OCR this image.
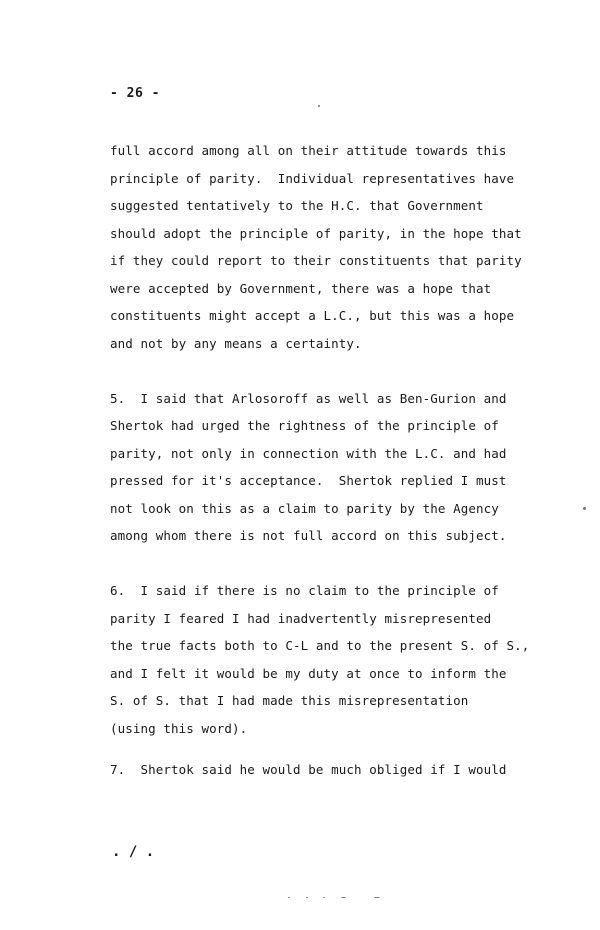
- 26 -
full accord among all on their attitude towards this
principle of parity.  Individual representatives have
suggested tentatively to the H.C. that Government
should adopt the principle of parity, in the hope that
if they could report to their constituents that parity
were accepted by Government, there was a hope that
constituents might accept a L.C., but this was a hope
and not by any means a certainty.
5.  I said that Arlosoroff as well as Ben-Gurion and
Shertok had urged the rightness of the principle of
parity, not only in connection with the L.C. and had
pressed for it's acceptance.  Shertok replied I must
not look on this as a claim to parity by the Agency
among whom there is not full accord on this subject.
6.  I said if there is no claim to the principle of
parity I feared I had inadvertently misrepresented
the true facts both to C-L and to the present S. of S.,
and I felt it would be my duty at once to inform the
S. of S. that I had made this misrepresentation
(using this word).
7.  Shertok said he would be much obliged if I would
. / .
